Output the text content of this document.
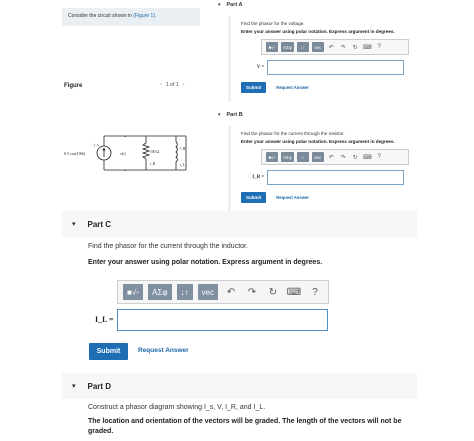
Consider the circuit shown in (Figure 1).
Figure	‹ 1 of 1 ›
+
−
0.5 cos(100t)
i_s
v(t)	100 Ω
1 H
i_R	i_L
▾ Part A
Find the phasor for the voltage.
Enter your answer using polar notation. Express argument in degrees.
■√▫	ΑΣφ	↓↑	vec	↶	↷	↻ ⌨	?
V =
Submit	Request Answer
▾ Part B
Find the phasor for the current through the resistor.
Enter your answer using polar notation. Express argument in degrees.
■√▫	ΑΣφ	↓↑	vec	↶	↷	↻ ⌨	?
I_R =
Submit	Request Answer
▾ Part C
Find the phasor for the current through the inductor.
Enter your answer using polar notation. Express argument in degrees.
■√▫	ΑΣφ	↓↑	vec	↶	↷	↻ ⌨	?
I_L =
Submit	Request Answer
▾ Part D
Construct a phasor diagram showing I_s, V, I_R, and I_L.
The location and orientation of the vectors will be graded. The length of the vectors will not be graded.
